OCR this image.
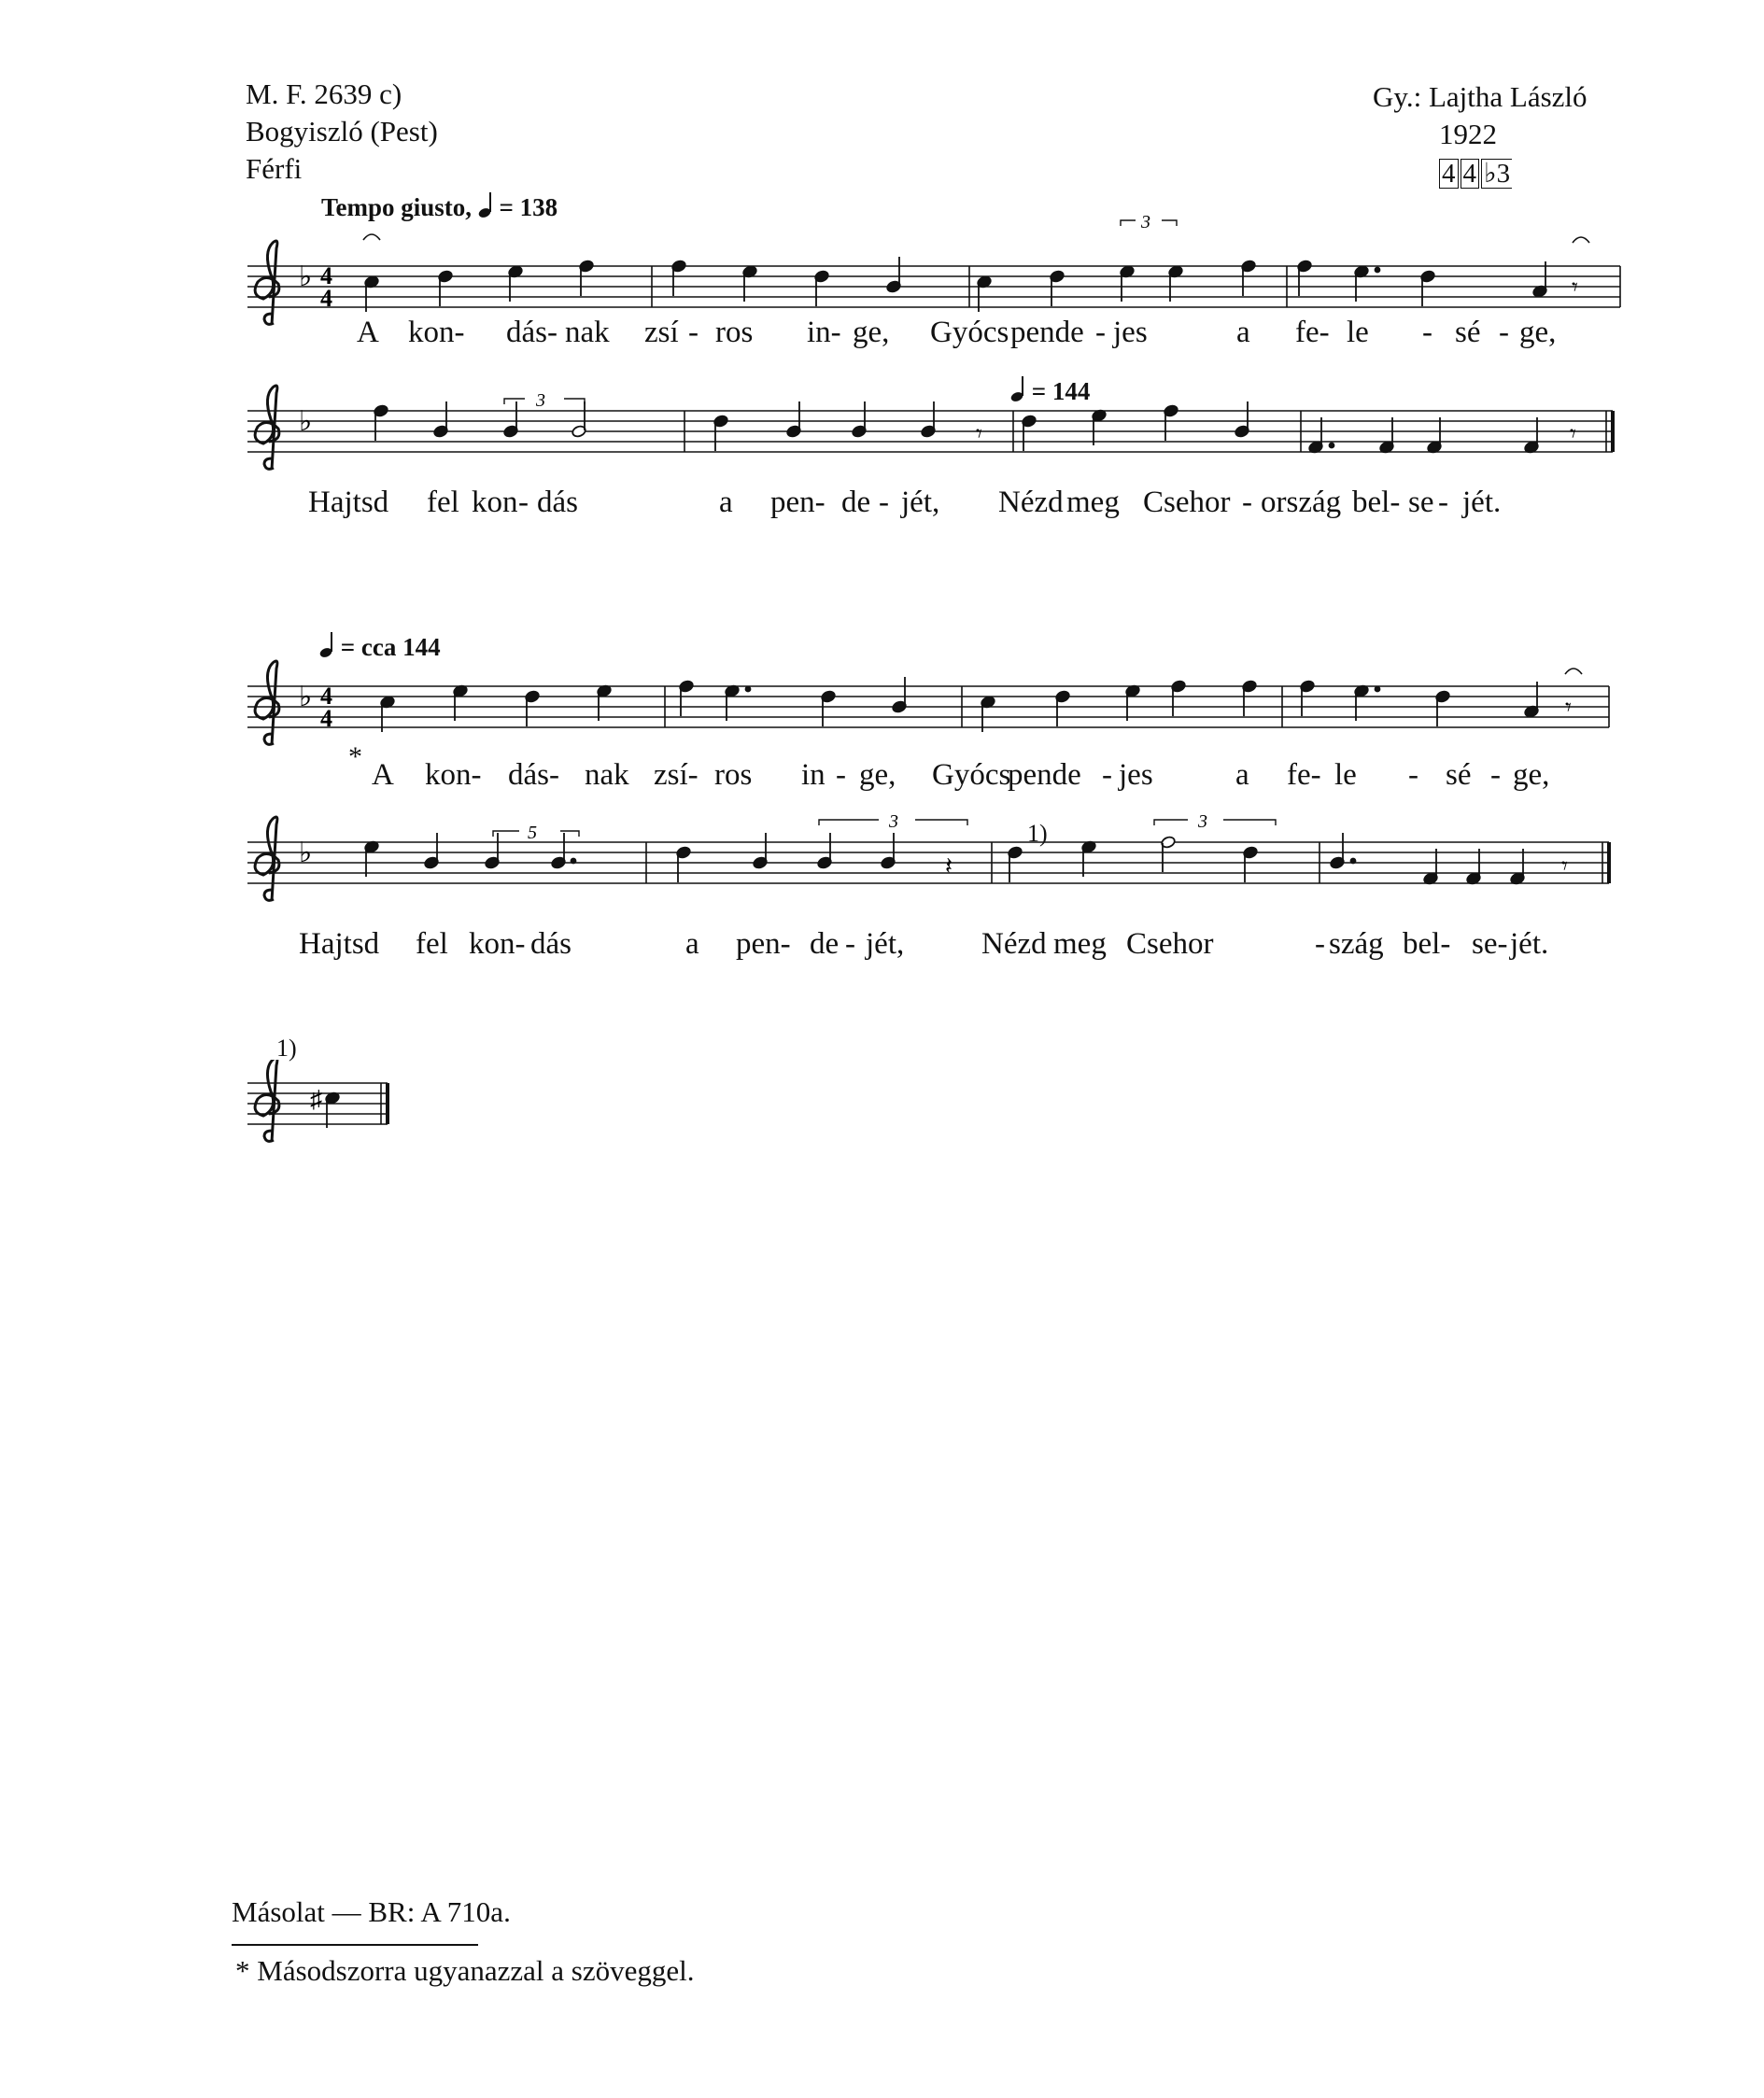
M. F. 2639 c)
Bogyiszló (Pest)
Férfi
Gy.: Lajtha László
1922
4 4 ♭3
Tempo giusto, = 138
= 144
= cca 144
♭ 4
4	𝄾
3
A kon- dás- nak zsí - ros in- ge, Gyócs pende - jes	a fe- le - sé - ge,
♭	𝄾	𝄾
3
Hajtsd fel kon - dás	a pen- de - jét, Nézd meg Csehor - ország bel- se - jét.
♭ 4
4	𝄾
*
A kon- dás- nak zsí- ros in - ge, Gyócs
pende - jes	a fe- le - sé - ge,
♭	𝄽	𝄾
5
3	3
1)
Hajtsd fel kon- dás	a pen- de - jét,	Nézd meg Csehor	- szág bel- se- jét.
1)
♯
Másolat — BR: A 710a.
* Másodszorra ugyanazzal a szöveggel.
